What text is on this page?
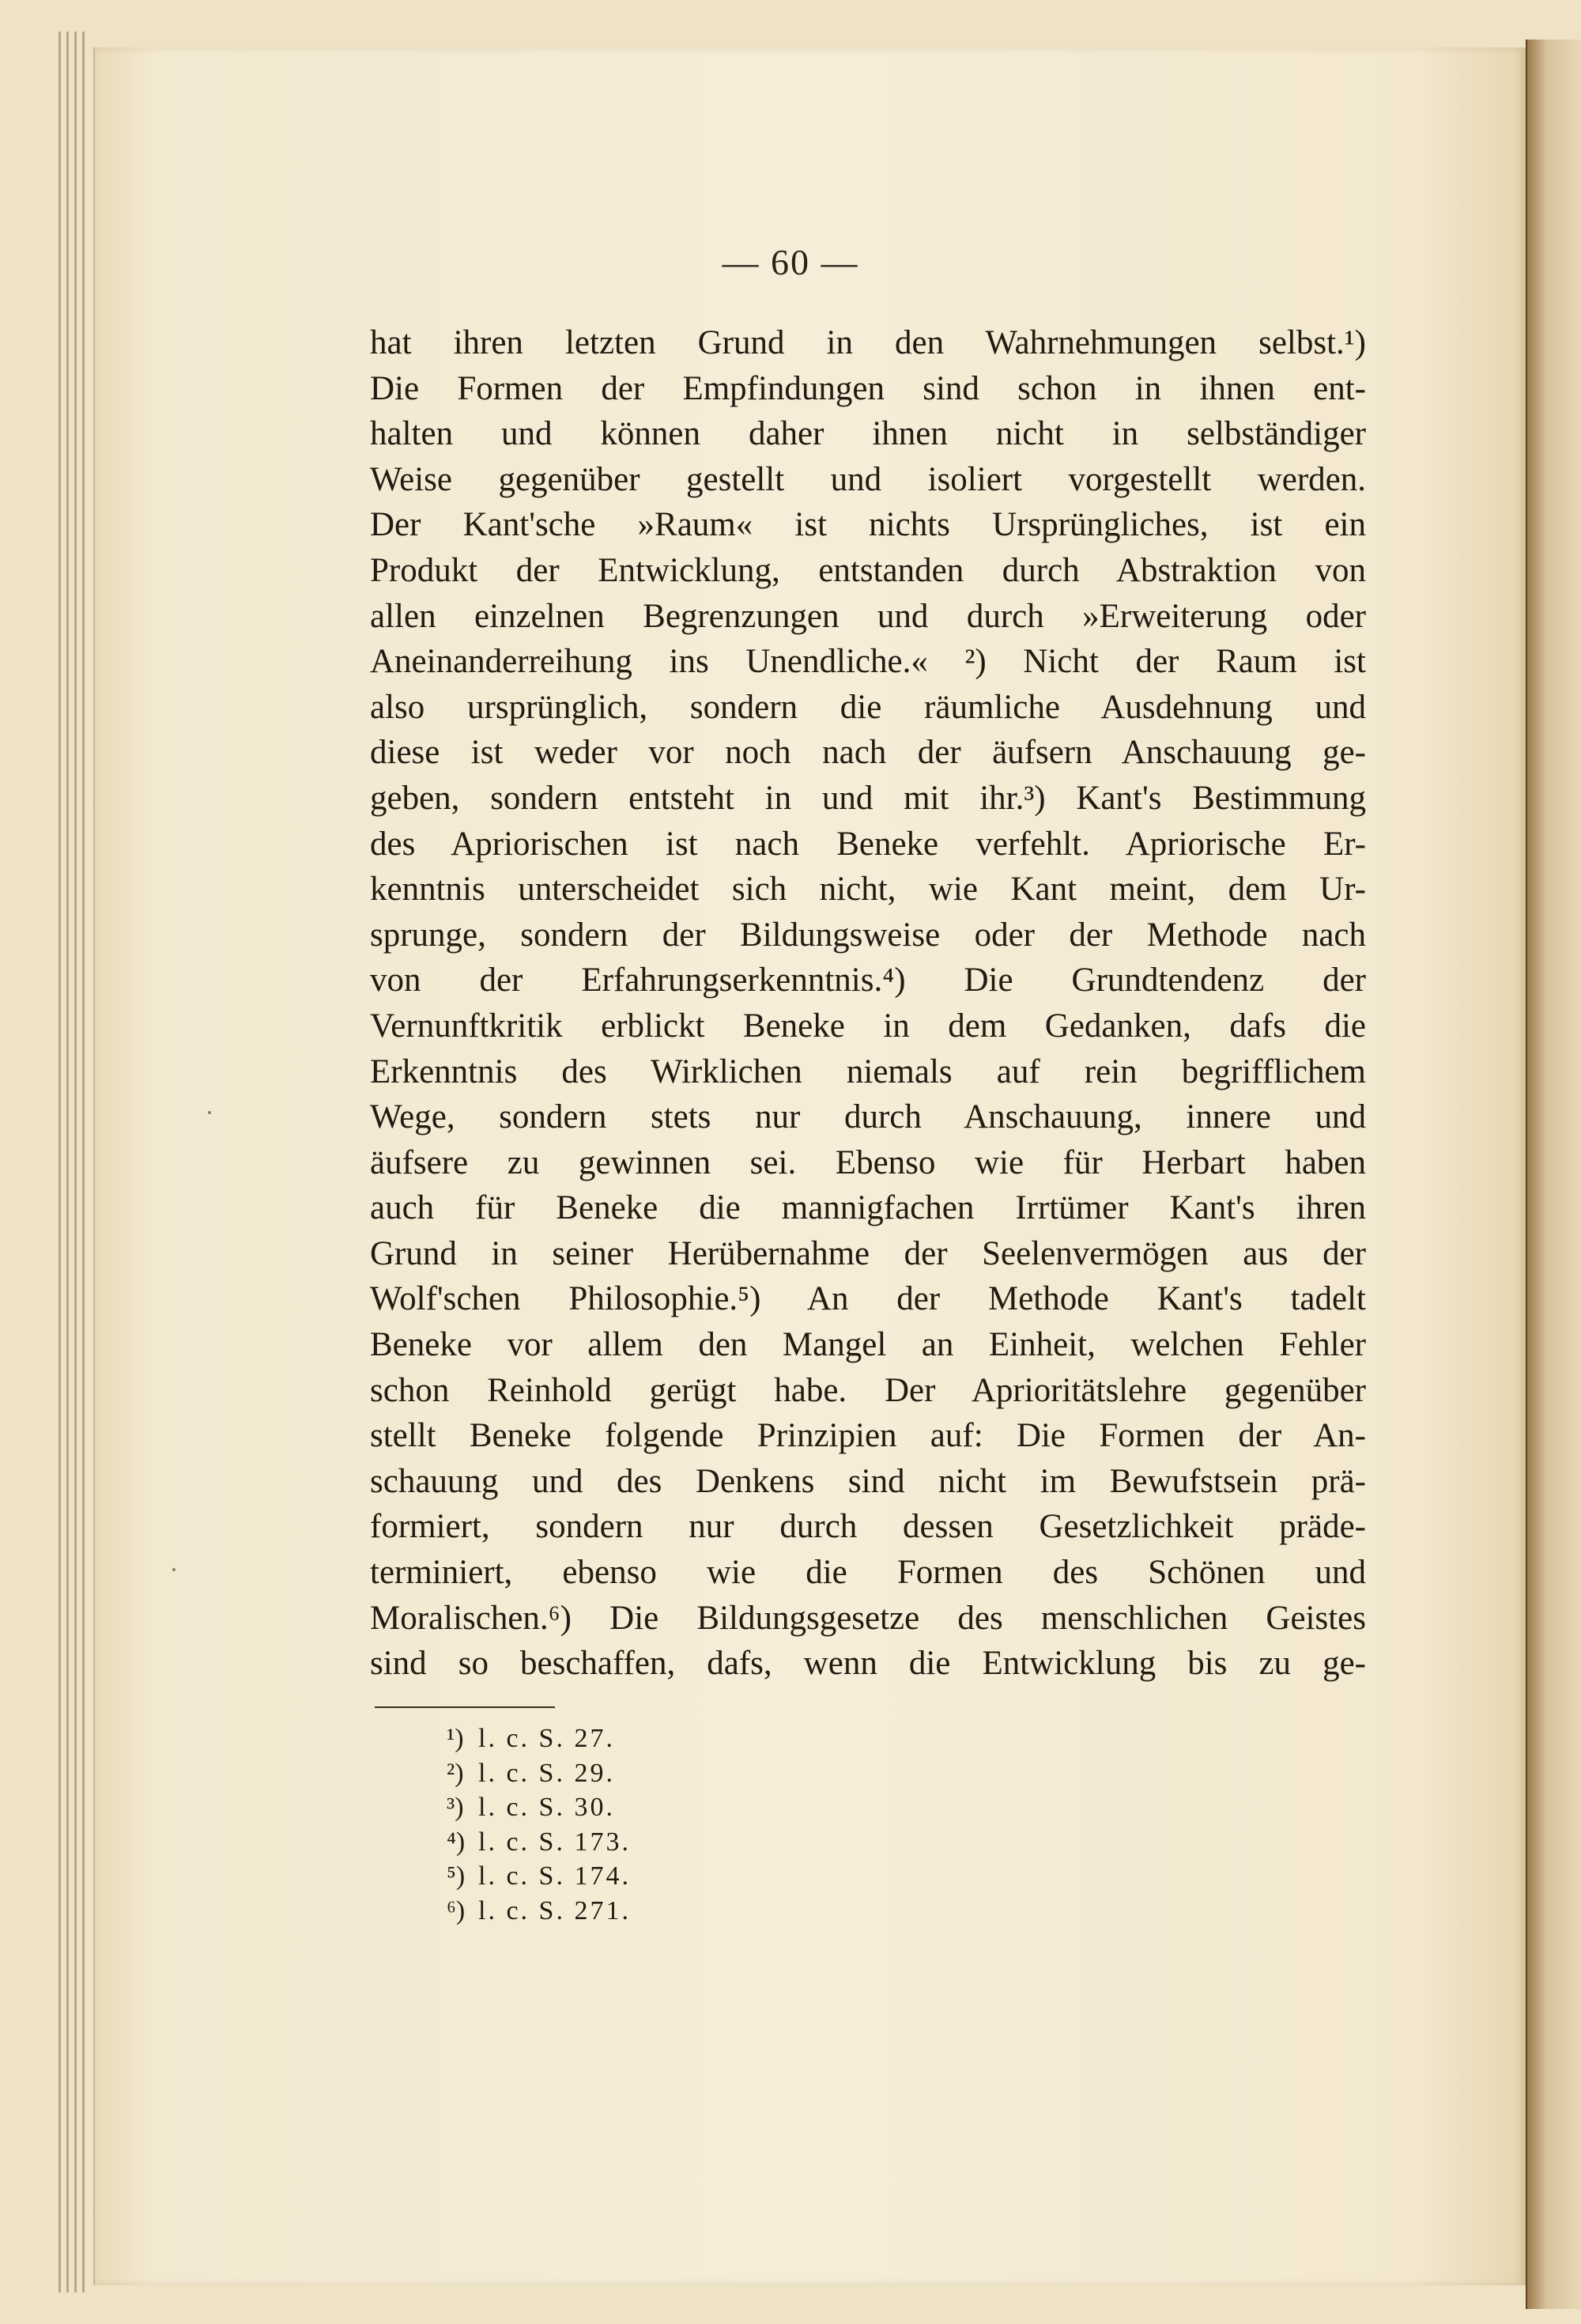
— 60 —
hat ihren letzten Grund in den Wahrnehmungen selbst.¹)
Die Formen der Empfindungen sind schon in ihnen ent-
halten und können daher ihnen nicht in selbständiger
Weise gegenüber gestellt und isoliert vorgestellt werden.
Der Kant'sche »Raum« ist nichts Ursprüngliches, ist ein
Produkt der Entwicklung, entstanden durch Abstraktion von
allen einzelnen Begrenzungen und durch »Erweiterung oder
Aneinanderreihung ins Unendliche.« ²) Nicht der Raum ist
also ursprünglich, sondern die räumliche Ausdehnung und
diese ist weder vor noch nach der äufsern Anschauung ge-
geben, sondern entsteht in und mit ihr.³) Kant's Bestimmung
des Apriorischen ist nach Beneke verfehlt. Apriorische Er-
kenntnis unterscheidet sich nicht, wie Kant meint, dem Ur-
sprunge, sondern der Bildungsweise oder der Methode nach
von der Erfahrungserkenntnis.⁴) Die Grundtendenz der
Vernunftkritik erblickt Beneke in dem Gedanken, dafs die
Erkenntnis des Wirklichen niemals auf rein begrifflichem
Wege, sondern stets nur durch Anschauung, innere und
äufsere zu gewinnen sei. Ebenso wie für Herbart haben
auch für Beneke die mannigfachen Irrtümer Kant's ihren
Grund in seiner Herübernahme der Seelenvermögen aus der
Wolf'schen Philosophie.⁵) An der Methode Kant's tadelt
Beneke vor allem den Mangel an Einheit, welchen Fehler
schon Reinhold gerügt habe. Der Aprioritätslehre gegenüber
stellt Beneke folgende Prinzipien auf: Die Formen der An-
schauung und des Denkens sind nicht im Bewufstsein prä-
formiert, sondern nur durch dessen Gesetzlichkeit präde-
terminiert, ebenso wie die Formen des Schönen und
Moralischen.⁶) Die Bildungsgesetze des menschlichen Geistes
sind so beschaffen, dafs, wenn die Entwicklung bis zu ge-
¹) l. c. S. 27.
²) l. c. S. 29.
³) l. c. S. 30.
⁴) l. c. S. 173.
⁵) l. c. S. 174.
⁶) l. c. S. 271.
